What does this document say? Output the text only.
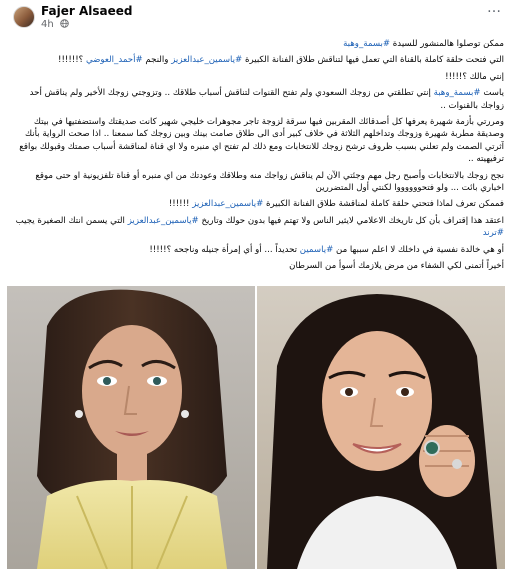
Fajer Alsaeed
4h
…

ممكن توصلوا هالمنشور للسيدة #بسمة_وهبة

التي فتحت حلقة كاملة بالقناة التي تعمل فيها لتناقش طلاق الفنانة الكبيرة #ياسمين_عبدالعزيز والنجم #أحمد_العوضي ؟!!!!!!

إنتي مالك ؟!!!!!

ياست #بسمة_وهبة إنتي تطلقتي من زوجك السعودي ولم تفتح القنوات لتناقش أسباب طلاقك .. وتزوجتي زوجك الأخير ولم يناقش أحد زواجك بالقنوات ..

ومررتي بأزمة شهيرة يعرفها كل أصدقائك المقربين فيها سرقة لزوجة تاجر مجوهرات خليجي شهير كانت صديقتك واستضفتيها في بيتك وصديقة مطربة شهيرة وزوجك وتداخلهم الثلاثة في خلاف كبير أدى الى طلاق صامت بينك وبين زوجك كما سمعنا .. اذا صحت الرواية بأنك آثرتي الصمت ولم تعلني بسبب ظروف ترشح زوجك للانتخابات ومع ذلك لم تفتح اي منبره ولا اي قناة لمناقشة أسباب صمتك وقبولك بواقع ترفيهيته ..

نجح زوجك بالانتخابات وأصبح رجل مهم وجئتي الآن لم يناقش زواجك منه وطلاقك وعودتك من اي منبره أو قناة تلفزيونية او حتى موقع اخباري بائت ... ولو فتحووووووا لكنتي أول المتضررين

فممكن تعرف لماذا فتحتي حلقة كاملة لمناقشة طلاق الفنانة الكبيرة #ياسمين_عبدالعزيز !!!!!!

اعتقد هذا إقتراف بأن كل تاريخك الاعلامي لايثير الناس ولا تهتم فيها بدون حولك وتاريخ #ياسمين_عبدالعزيز التي يسمن انتك الصغيرة يجيب #ترند

أو هي خالدة نفسية في داخلك لا اعلم سببها من #ياسمين تحديداً ... أو أي إمرأة جنيله وناجحه ؟!!!!!

أخيراً أتمنى لكي الشفاء من مرض يلازمك أسوأ من السرطان
